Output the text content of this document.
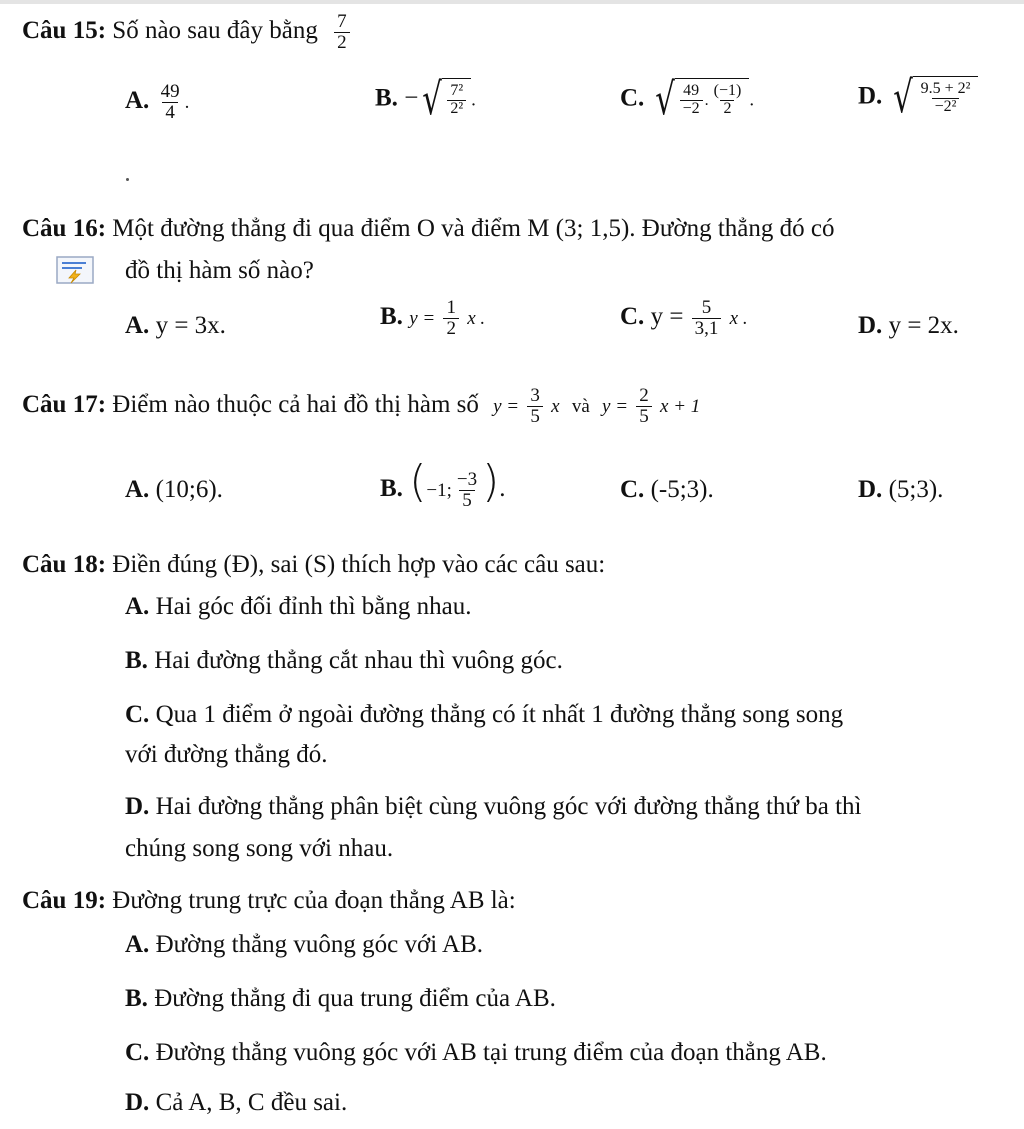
Câu 15: Số nào sau đây bằng $\frac{7}{2}$
A. $\frac{49}{4}$ .	B. − √ $\frac{\text{7²}}{\text{2²}}$ .	C. √ $\frac{49}{-2}$ . $\frac{(-1)}{2}$ .	D. √ $\frac{\text{9.5 + 2²}}{\text{−2²}}$
Câu 16: Một đường thẳng đi qua điểm O và điểm M (3; 1,5). Đường thẳng đó có
đồ thị hàm số nào?
A. y = 3x.	B. $y = \frac{1}{2}$ x .	C. $y = \frac{5}{3,1}$ x .	D. y = 2x.
Câu 17: Điểm nào thuộc cả hai đồ thị hàm số $y = \frac{3}{5}$ x và $y = \frac{2}{5}$ x + 1
A. (10;6).	B. (−1; $\frac{-3}{5}$ ).	C. (-5;3).	D. (5;3).
Câu 18: Điền đúng (Đ), sai (S) thích hợp vào các câu sau:
A. Hai góc đối đỉnh thì bằng nhau.
B. Hai đường thẳng cắt nhau thì vuông góc.
C. Qua 1 điểm ở ngoài đường thẳng có ít nhất 1 đường thẳng song song
với đường thẳng đó.
D. Hai đường thẳng phân biệt cùng vuông góc với đường thẳng thứ ba thì
chúng song song với nhau.
Câu 19: Đường trung trực của đoạn thẳng AB là:
A. Đường thẳng vuông góc với AB.
B. Đường thẳng đi qua trung điểm của AB.
C. Đường thẳng vuông góc với AB tại trung điểm của đoạn thẳng AB.
D. Cả A, B, C đều sai.
